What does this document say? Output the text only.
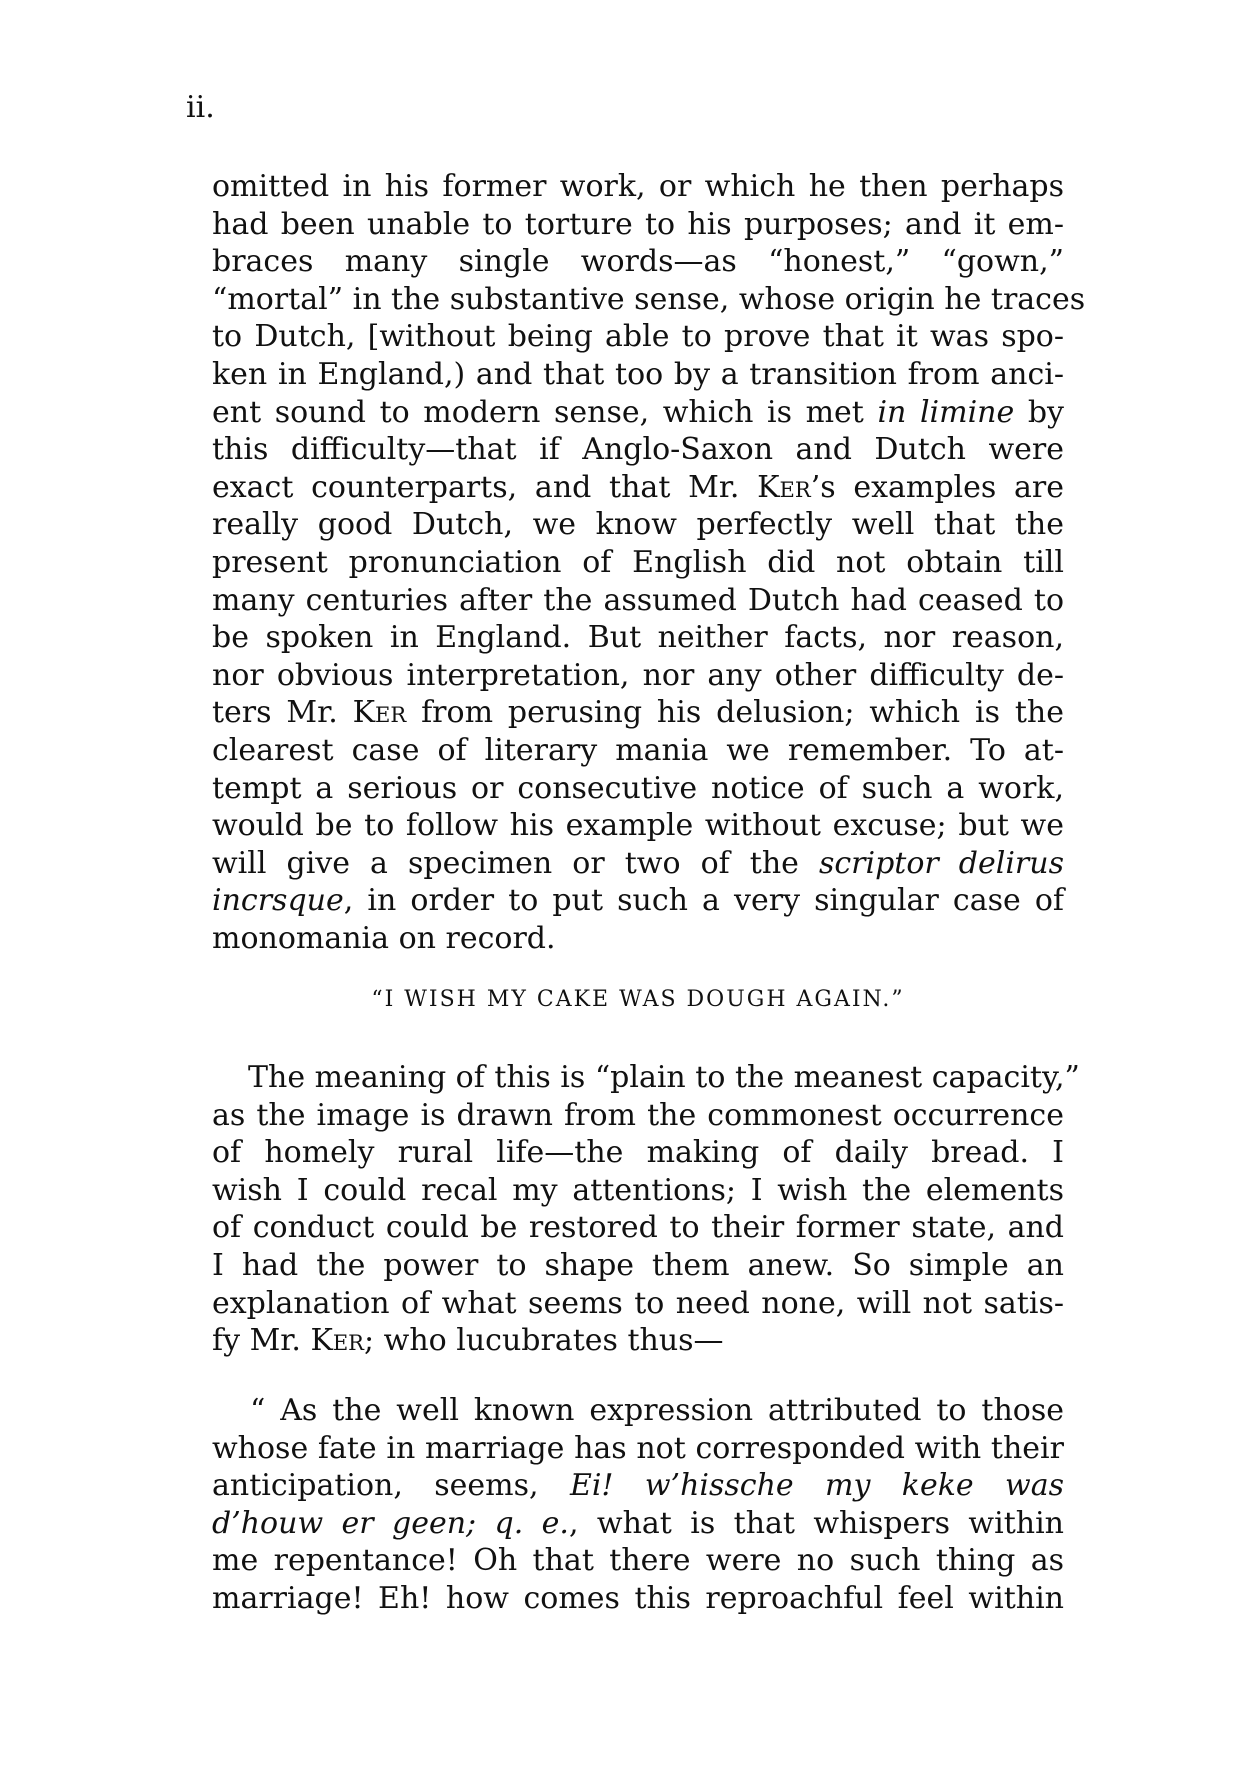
ii.
omitted in his former work, or which he then perhaps
had been unable to torture to his purposes; and it em-
braces many single words—as “honest,” “gown,”
“mortal” in the substantive sense, whose origin he traces
to Dutch, [without being able to prove that it was spo-
ken in England,) and that too by a transition from anci-
ent sound to modern sense, which is met in limine by
this difficulty—that if Anglo-Saxon and Dutch were
exact counterparts, and that Mr. Ker’s examples are
really good Dutch, we know perfectly well that the
present pronunciation of English did not obtain till
many centuries after the assumed Dutch had ceased to
be spoken in England. But neither facts, nor reason,
nor obvious interpretation, nor any other difficulty de-
ters Mr. Ker from perusing his delusion; which is the
clearest case of literary mania we remember. To at-
tempt a serious or consecutive notice of such a work,
would be to follow his example without excuse; but we
will give a specimen or two of the scriptor delirus
incrsque, in order to put such a very singular case of
monomania on record.
“I WISH MY CAKE WAS DOUGH AGAIN.”
The meaning of this is “plain to the meanest capacity,”
as the image is drawn from the commonest occurrence
of homely rural life—the making of daily bread. I
wish I could recal my attentions; I wish the elements
of conduct could be restored to their former state, and
I had the power to shape them anew. So simple an
explanation of what seems to need none, will not satis-
fy Mr. Ker; who lucubrates thus—
“ As the well known expression attributed to those
whose fate in marriage has not corresponded with their
anticipation, seems, Ei! w’hissche my keke was
d’houw er geen; q. e., what is that whispers within
me repentance! Oh that there were no such thing as
marriage! Eh! how comes this reproachful feel within
